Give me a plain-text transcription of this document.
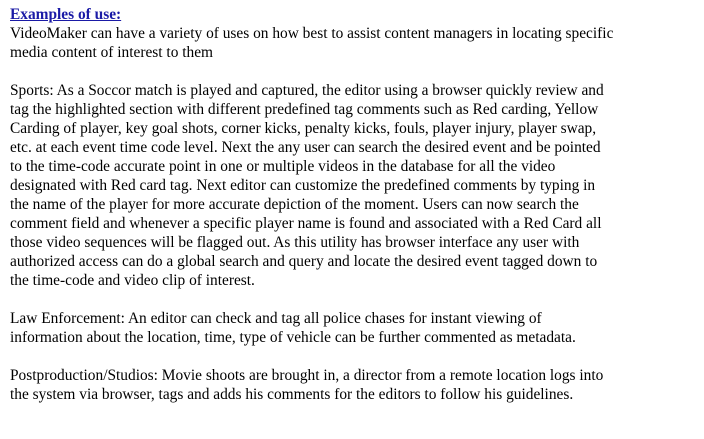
Examples of use:

VideoMaker can have a variety of uses on how best to assist content managers in locating specific
media content of interest to them

Sports: As a Soccor match is played and captured, the editor using a browser quickly review and
tag the highlighted section with different predefined tag comments such as Red carding, Yellow
Carding of player, key goal shots, corner kicks, penalty kicks, fouls, player injury, player swap,
etc. at each event time code level. Next the any user can search the desired event and be pointed
to the time-code accurate point in one or multiple videos in the database for all the video
designated with Red card tag. Next editor can customize the predefined comments by typing in
the name of the player for more accurate depiction of the moment. Users can now search the
comment field and whenever a specific player name is found and associated with a Red Card all
those video sequences will be flagged out. As this utility has browser interface any user with
authorized access can do a global search and query and locate the desired event tagged down to
the time-code and video clip of interest.

Law Enforcement: An editor can check and tag all police chases for instant viewing of
information about the location, time, type of vehicle can be further commented as metadata.

Postproduction/Studios: Movie shoots are brought in, a director from a remote location logs into
the system via browser, tags and adds his comments for the editors to follow his guidelines.
